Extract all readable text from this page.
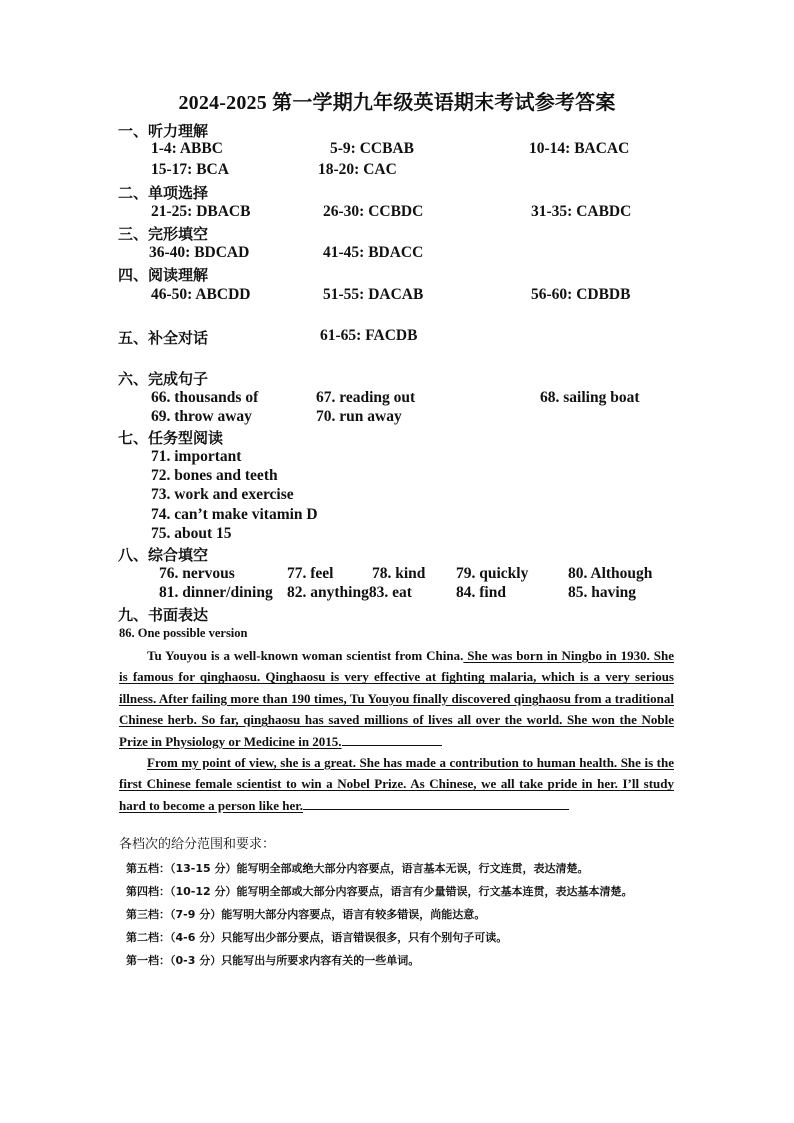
2024-2025 第一学期九年级英语期末考试参考答案
一、听力理解
1-4: ABBC	5-9: CCBAB	10-14: BACAC
15-17: BCA	18-20: CAC
二、单项选择
21-25: DBACB	26-30: CCBDC	31-35: CABDC
三、完形填空
36-40: BDCAD	41-45: BDACC
四、阅读理解
46-50: ABCDD	51-55: DACAB	56-60: CDBDB
五、补全对话	61-65: FACDB
六、完成句子
66. thousands of	67. reading out	68. sailing boat
69. throw away	70. run away
七、任务型阅读
71. important
72. bones and teeth
73. work and exercise
74. can’t make vitamin D
75. about 15
八、综合填空
76. nervous	77. feel 78. kind 79. quickly	80. Although
81. dinner/dining 82. anything83. eat	84. find	85. having
九、书面表达
86. One possible version

Tu Youyou is a well-known woman scientist from China. She was born in Ningbo in 1930. She is famous for qinghaosu. Qinghaosu is very effective at fighting malaria, which is a very serious illness. After failing more than 190 times, Tu Youyou finally discovered qinghaosu from a traditional Chinese herb. So far, qinghaosu has saved millions of lives all over the world. She won the Noble Prize in Physiology or Medicine in 2015.

From my point of view, she is a great. She has made a contribution to human health. She is the first Chinese female scientist to win a Nobel Prize. As Chinese, we all take pride in her. I’ll study hard to become a person like her.

各档次的给分范围和要求：
第五档：（13-15 分）能写明全部或绝大部分内容要点，语言基本无误，行文连贯，表达清楚。
第四档：（10-12 分）能写明全部或大部分内容要点，语言有少量错误，行文基本连贯，表达基本清楚。
第三档：（7-9 分）能写明大部分内容要点，语言有较多错误，尚能达意。
第二档：（4-6 分）只能写出少部分要点，语言错误很多，只有个别句子可读。
第一档：（0-3 分）只能写出与所要求内容有关的一些单词。
